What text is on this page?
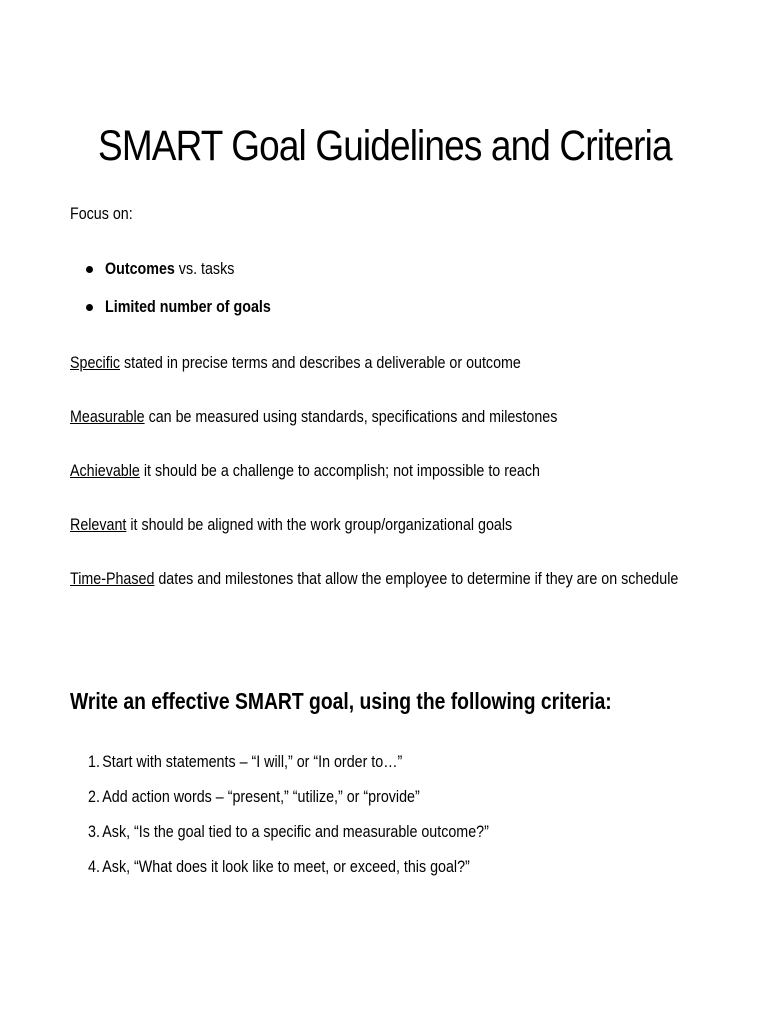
SMART Goal Guidelines and Criteria
Focus on:
Outcomes vs. tasks
Limited number of goals
Specific stated in precise terms and describes a deliverable or outcome
Measurable can be measured using standards, specifications and milestones
Achievable it should be a challenge to accomplish; not impossible to reach
Relevant it should be aligned with the work group/organizational goals
Time-Phased dates and milestones that allow the employee to determine if they are on schedule
Write an effective SMART goal, using the following criteria:
1. Start with statements – “I will,” or “In order to…”
2. Add action words – “present,” “utilize,” or “provide”
3. Ask, “Is the goal tied to a specific and measurable outcome?”
4. Ask, “What does it look like to meet, or exceed, this goal?”
